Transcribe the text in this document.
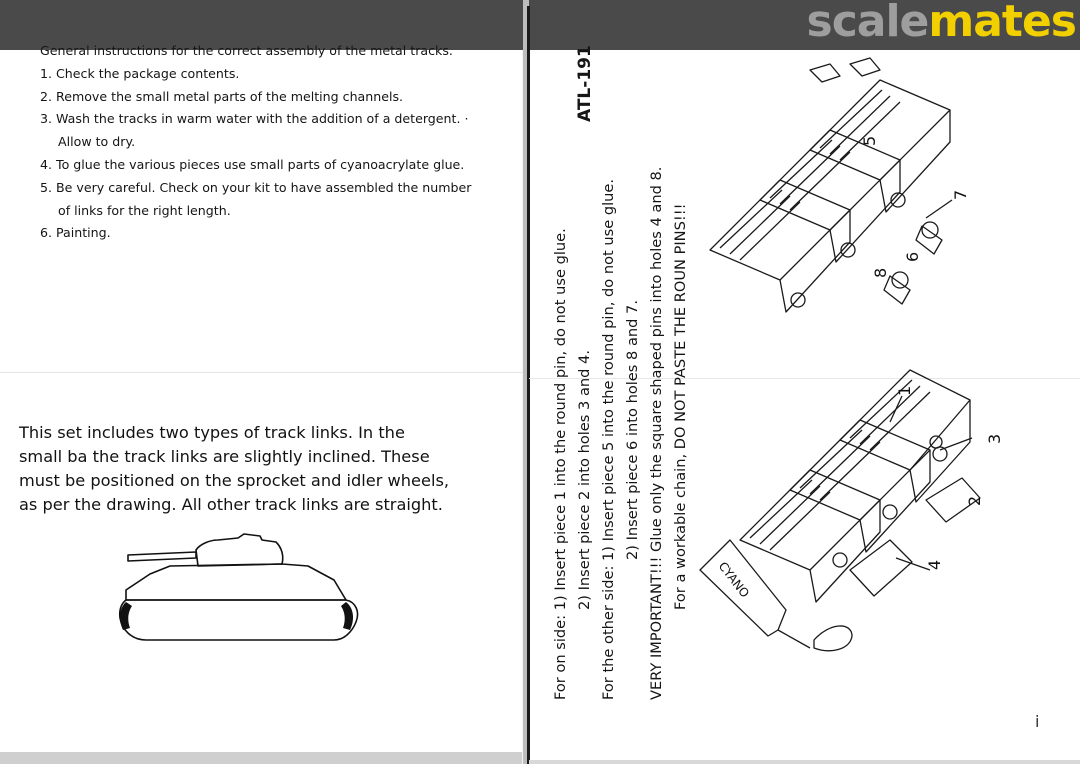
scalemates
General instructions for the correct assembly of the metal tracks.
1. Check the package contents.
2. Remove the small metal parts of the melting channels.
3. Wash the tracks in warm water with the addition of a detergent. ·
Allow to dry.
4. To glue the various pieces use small parts of cyanoacrylate glue.
5. Be very careful. Check on your kit to have assembled the number
of links for the right length.
6. Painting.
This set includes two types of track links. In the
small ba the track links are slightly inclined. These
must be positioned on the sprocket and idler wheels,
as per the drawing. All other track links are straight.
ATL-191
For on side: 1) Insert piece 1 into the round pin, do not use glue. 2) Insert piece 2 into holes 3 and 4. For the other side: 1) Insert piece 5 into the round pin, do not use glue. 2) Insert piece 6 into holes 8 and 7. VERY IMPORTANT!!! Glue only the square shaped pins into holes 4 and 8. For a workable chain, DO NOT PASTE THE ROUN PINS!!!
5
7
6
8
1
3
2
4
CYANO
i
